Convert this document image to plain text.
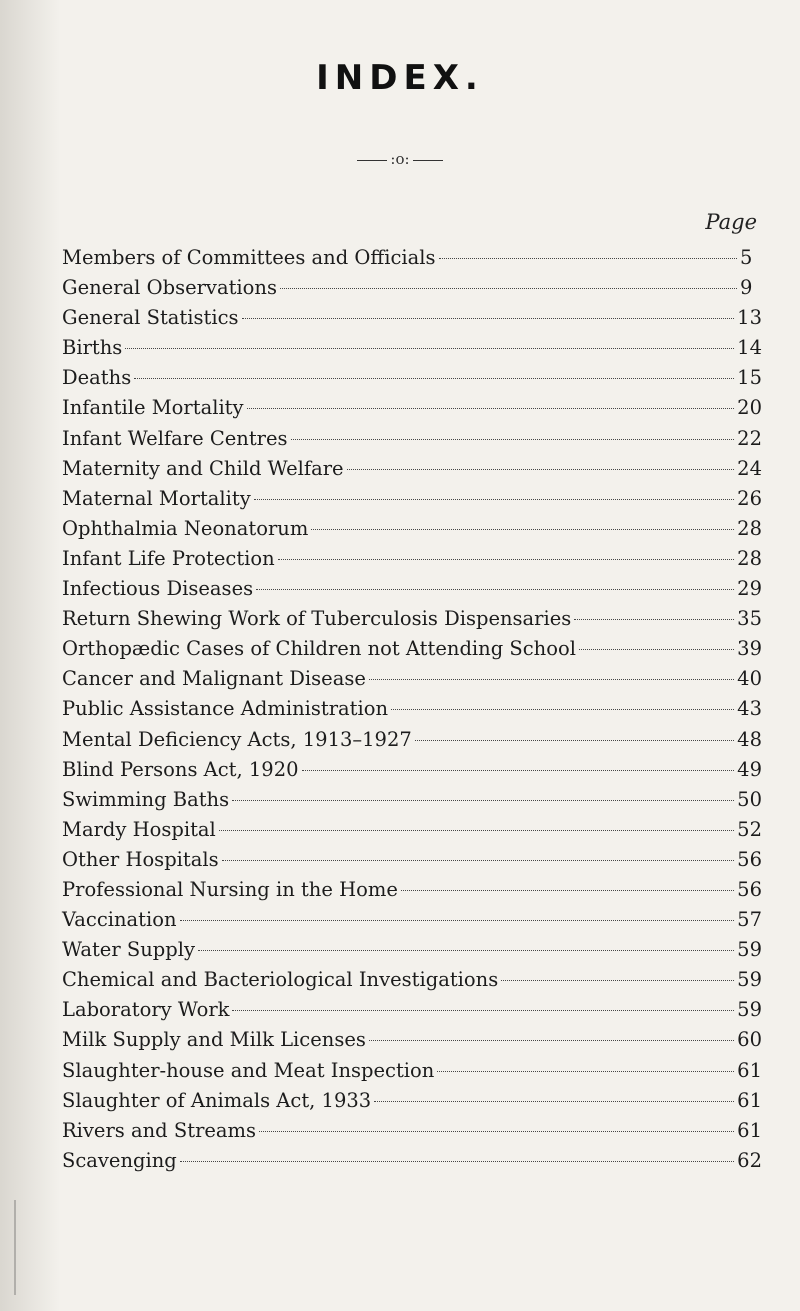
INDEX.
:o:
Page
Members of Committees and Officials	5
General Observations	9
General Statistics	13
Births	14
Deaths	15
Infantile Mortality	20
Infant Welfare Centres	22
Maternity and Child Welfare	24
Maternal Mortality	26
Ophthalmia Neonatorum	28
Infant Life Protection	28
Infectious Diseases	29
Return Shewing Work of Tuberculosis Dispensaries	35
Orthopædic Cases of Children not Attending School	39
Cancer and Malignant Disease	40
Public Assistance Administration	43
Mental Deficiency Acts, 1913–1927	48
Blind Persons Act, 1920	49
Swimming Baths	50
Mardy Hospital	52
Other Hospitals	56
Professional Nursing in the Home	56
Vaccination	57
Water Supply	59
Chemical and Bacteriological Investigations	59
Laboratory Work	59
Milk Supply and Milk Licenses	60
Slaughter-house and Meat Inspection	61
Slaughter of Animals Act, 1933	61
Rivers and Streams	61
Scavenging	62
